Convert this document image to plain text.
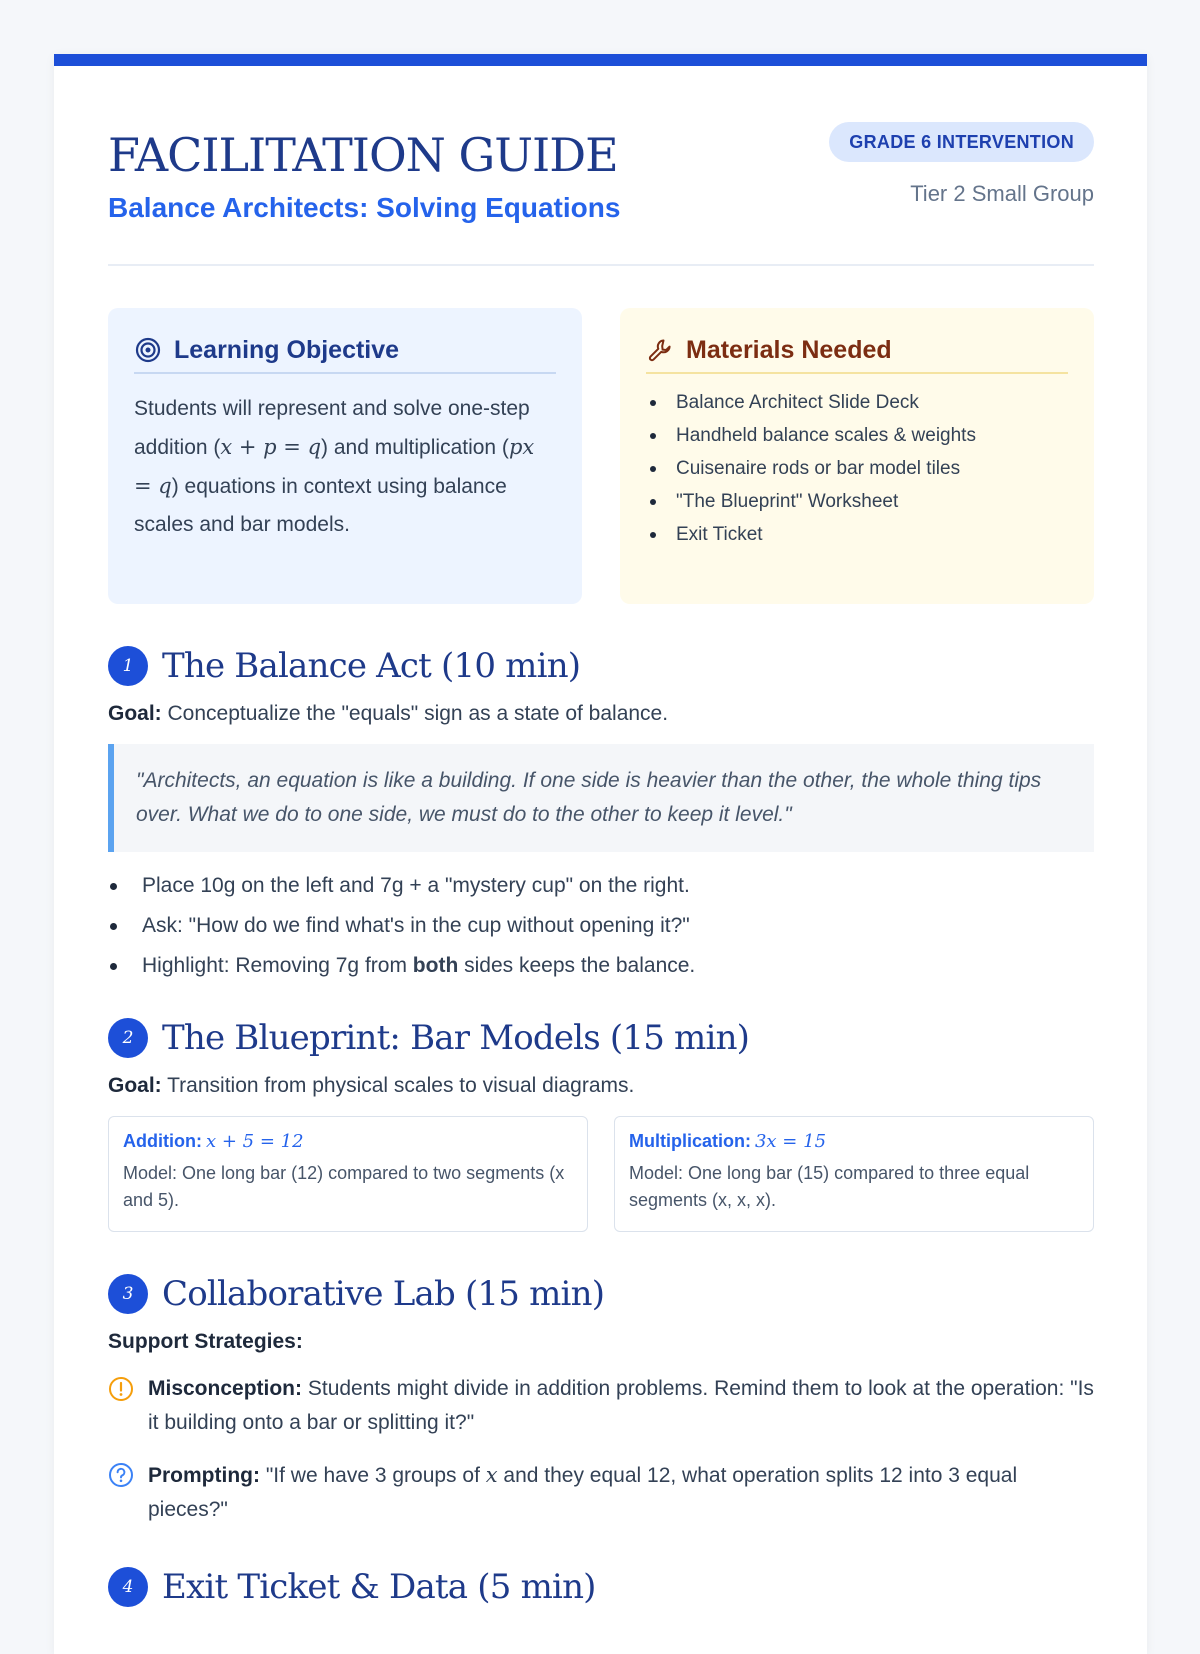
FACILITATION GUIDE
Balance Architects: Solving Equations
GRADE 6 INTERVENTION
Tier 2 Small Group
Learning Objective

Students will represent and solve one-step addition (x + p = q) and multiplication (px = q) equations in context using balance scales and bar models.

Materials Needed
Balance Architect Slide Deck
Handheld balance scales & weights
Cuisenaire rods or bar model tiles
"The Blueprint" Worksheet
Exit Ticket
1 The Balance Act (10 min)

Goal: Conceptualize the "equals" sign as a state of balance.

"Architects, an equation is like a building. If one side is heavier than the other, the whole thing tips over. What we do to one side, we must do to the other to keep it level."
Place 10g on the left and 7g + a "mystery cup" on the right.
Ask: "How do we find what's in the cup without opening it?"
Highlight: Removing 7g from both sides keeps the balance.
2 The Blueprint: Bar Models (15 min)

Goal: Transition from physical scales to visual diagrams.

Addition: x + 5 = 12
Model: One long bar (12) compared to two segments (x and 5).
Multiplication: 3x = 15
Model: One long bar (15) compared to three equal segments (x, x, x).
3 Collaborative Lab (15 min)

Support Strategies:

Misconception: Students might divide in addition problems. Remind them to look at the operation: "Is it building onto a bar or splitting it?"

Prompting: "If we have 3 groups of x and they equal 12, what operation splits 12 into 3 equal pieces?"

4 Exit Ticket & Data (5 min)
